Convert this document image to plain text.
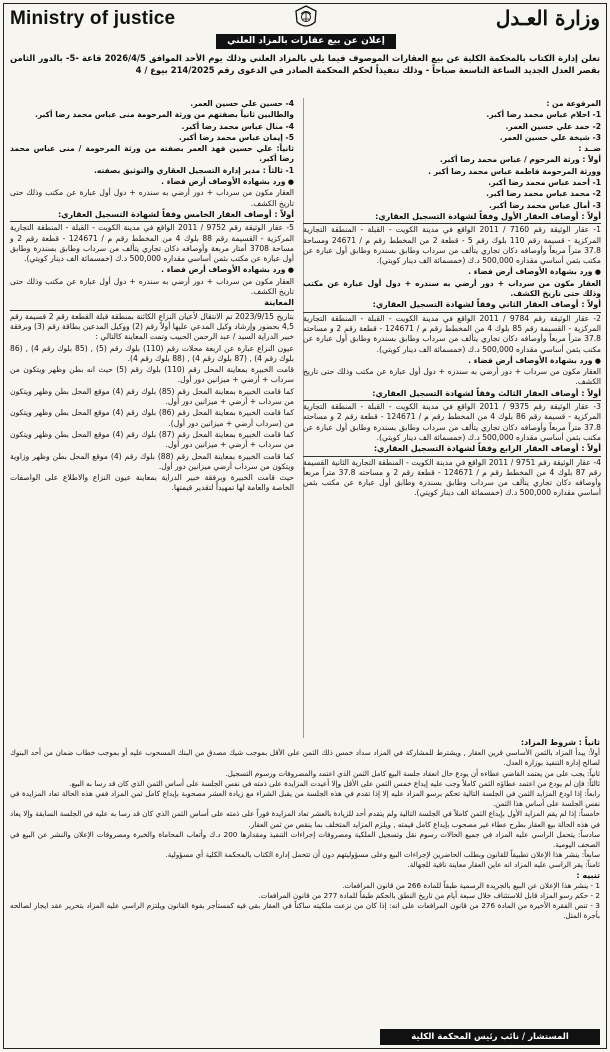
Ministry of justice	وزارة العـدل
إعلان عن بيع عقارات بالمزاد العلني
تعلن إدارة الكتاب بالمحكمة الكلية عن بيع العقارات الموصوف فيما يلي بالمزاد العلني وذلك يوم الأحد الموافق 2026/4/5 قاعة -5- بالدور الثامن بقصر العدل الجديد الساعة التاسعة صباحاً - وذلك تنفيذاً لحكم المحكمة الصادر في الدعوى رقم 214/2025 بيوع / 4

المرفوعة من :

1- احلام عباس محمد رضا أكبر.

2- حمد علي حسين العمر.

3- شيخة علي حسين العمر.

ضــد :

أولاً : ورثة المرحوم / عباس محمد رضا أكبر.

وورثة المرحومة فاطمة عباس محمد رضا أكبر .

1- أحمد عباس محمد رضا أكبر.

2- محمد عباس محمد رضا أكبر.

3- أمال عباس محمد رضا أكبر.

أولاً : أوصاف العقار الأول وفقاً لشهادة التسجيل العقاري:

1- عقار الوثيقة رقم 7160 / 2011 الواقع في مدينة الكويت - القبلة - المنطقة التجارية المركزية - قسيمة رقم 110 بلوك رقم 5 - قطعة 2 من المخطط رقم م / 24671 ومساحة 37.8 متراً مربعاً وأوصافه دكان تجاري يتألف من سرداب وطابق بسندرة وطابق أول عبارة عن مكتب بثمن أساسي مقداره 500,000 د.ك (خمسمائة الف دينار كويتي).

● ورد بشهادة الأوصاف أرض فضاء .

العقار مكون من سرداب + دور أرضي به سندره + دول أول عبارة عن مكتب وذلك حتى تاريخ الكشف.

أولاً : أوصاف العقار الثاني وفقاً لشهادة التسجيل العقاري:

2- عقار الوثيقة رقم 9784 / 2011 الواقع في مدينة الكويت - القبلة - المنطقة التجارية المركزية - القسيمة رقم 85 بلوك 4 من المخطط رقم م / 124671 - قطعة رقم 2 و مساحته 37.8 متراً مربعاً وأوصافه دكان تجاري يتألف من سرداب وطابق بسندرة وطابق أول عبارة عن مكتب بثمن أساسي مقداره 500,000 د.ك (خمسمائة الف دينار كويتي).

● ورد بشهادة الأوصاف أرض فضاء .

العقار مكون من سرداب + دور أرضي به سندره + دول أول عبارة عن مكتب وذلك حتى تاريخ الكشف.

أولاً : أوصاف العقار الثالث وفقاً لشهادة التسجيل العقاري:

3- عقار الوثيقة رقم 9375 / 2011 الواقع في مدينة الكويت - القبلة - المنطقة التجارية المركزية - قسيمة رقم 86 بلوك 4 من المخطط رقم م / 124671 - قطعة رقم 2 و مساحته 37.8 متراً مربعاً وأوصافه دكان تجاري يتألف من سرداب وطابق بسندرة وطابق أول عبارة عن مكتب بثمن أساسي مقداره 500,000 د.ك (خمسمائة الف دينار كويتي).

أولاً : أوصاف العقار الرابع وفقاً لشهادة التسجيل العقاري:

4- عقار الوثيقة رقم 9751 / 2011 الواقع في مدينة الكويت - المنطقة التجارية الثانية القسيمة رقم 87 بلوك 4 من المخطط رقم م / 124671 - قطعة رقم 2 و مساحته 37.8 متراً مربعاً وأوصافه دكان تجاري يتألف من سرداب وطابق بسندرة وطابق أول عبارة عن مكتب بثمن أساسي مقداره 500,000 د.ك (خمسمائة الف دينار كويتي).

4- حسين علي حسين العمر.

والطالبين ثانياً بصفتهم من ورثة المرحومة منى عباس محمد رضا أكبر.

4- منال عباس محمد رضا أكبر.

5- إيمان عباس محمد رضا أكبر.

ثانياً: علي حسين فهد العمر بصفته من ورثة المرحومة / منى عباس محمد رضا أكبر.

1- ثالثاً : مدير إدارة التسجيل العقاري والتوثيق بصفته.

● ورد بشهادة الأوصاف أرض فضاء .

العقار مكون من سرداب + دور أرضي به سندره + دول أول عبارة عن مكتب وذلك حتى تاريخ الكشف.

أولاً : أوصاف العقار الخامس وفقاً لشهادة التسجيل العقاري:

5- عقار الوثيقة رقم 9752 / 2011 الواقع في مدينة الكويت - القبلة - المنطقة التجارية المركزية - القسيمة رقم 88 بلوك 4 من المخطط رقم م / 124671 - قطعة رقم 2 و مساحة 3708 أمتار مربعة وأوصافه دكان تجاري يتألف من سرداب وطابق بسندرة وطابق أول عبارة عن مكتب بثمن أساسي مقداره 500,000 د.ك (خمسمائة الف دينار كويتي).

● ورد بشهادة الأوصاف أرض فضاء .

العقار مكون من سرداب + دور أرضي به سندره + دول أول عبارة عن مكتب وذلك حتى تاريخ الكشف.

المعاينة

بتاريخ 2023/9/15 تم الانتقال لأعيان النزاع الكائنة بمنطقة قبلة القطعة رقم 2 قسيمة رقم 4,5 بحضور وإرشاد وكيل المدعي عليها أولاً رقم (2) ووكيل المدعين بطاقة رقم (3) وبرفقة خبير الدراية السيد / عبد الرحمن الحبيب وتمت المعاينة كالتالي :

عيون النزاع عبارة عن اربعة محلات رقم (110) بلوك رقم (5) , (85 بلوك رقم 4) , (86 بلوك رقم 4) , (87 بلوك رقم 4) , (88 بلوك رقم 4).

قامت الخبيرة بمعاينة المحل رقم (110) بلوك رقم (5) حيث انه بطن وظهر ويتكون من سرداب + أرضي + ميزانين دور أول.

كما قامت الخبيرة بمعاينة المحل رقم (85) بلوك رقم (4) موقع المحل بطن وظهر ويتكون من سرداب + أرضي + ميزانين دور أول.

كما قامت الخبيرة بمعاينة المحل رقم (86) بلوك رقم (4) موقع المحل بطن وظهر ويتكون من (سرداب أرضي + ميزانين دور أول).

كما قامت الخبيرة بمعاينة المحل رقم (87) بلوك رقم (4) موقع المحل بطن وظهر ويتكون من سرداب + أرضي + ميزانين دور أول.

كما قامت الخبيرة بمعاينة المحل رقم (88) بلوك رقم (4) موقع المحل بطن وظهر وزاوية ويتكون من سرداب أرضي ميزانين دور أول.

حيث قامت الخبيرة وبرفقة خبير الدراية بمعاينة عيون النزاع والاطلاع على الواصفات الخاصة والعامة لها تمهيداً لتقدير قيمتها.

ثانياً : شروط المزاد:

أولاً: يبدأ المزاد بالثمن الأساسي قرين العقار , ويشترط للمشاركة في المزاد سداد خمس ذلك الثمن على الأقل بموجب شيك مصدق من البنك المسحوب عليه أو بموجب خطاب ضمان من أحد البنوك لصالح إدارة التنفيذ بوزارة العدل.

ثانياً: يجب على من يعتمد القاضي عطاءه أن يودع حال انعقاد جلسة البيع كامل الثمن الذي اعتمد والمصروفات ورسوم التسجيل.

ثالثاً: فإن لم يودع من اعتمد عطاؤه الثمن كاملاً وجب عليه إيداع خمس الثمن على الأقل وإلا أعيدت المزايدة على ذمته في نفس الجلسة على أساس الثمن الذي كان قد رسا به البيع.

رابعاً: إذا اودع المزايد الثمن في الجلسة التالية تحكم برسو المزاد عليه إلا إذا تقدم في هذه الجلسة من يقبل الشراء مع زيادة العشر مصحوبة بإيداع كامل ثمن المزاد ففي هذه الحالة تعاد المزايدة في نفس الجلسة على أساس هذا الثمن.

خامساً: إذا لم يقم المزايد الأول بإيداع الثمن كاملاً في الجلسة التالية ولم يتقدم أحد للزيادة بالعشر تعاد المزايدة فوراً على ذمته على أساس الثمن الذي كان قد رسا به عليه في الجلسة السابقة وإلا يعاد في هذه الحالة بيع العقار بطرح عطاء غير مصحوب بإيداع كامل قيمته , ويلزم المزايد المتخلف بما ينقص من ثمن العقار.

سادساً: يتحمل الراسي عليه المزاد في جميع الحالات رسوم نقل وتسجيل الملكية ومصروفات إجراءات التنفيذ ومقدارها 200 د.ك وأتعاب المحاماة والخبرة ومصروفات الإعلان والنشر عن البيع في الصحف اليومية.

سابعاً: ينشر هذا الإعلان تطبيقاً للقانون وبطلب الحاضرين لإجراءات البيع وعلى مسؤوليتهم دون أن تتحمل إدارة الكتاب بالمحكمة الكلية أي مسؤولية.

ثامناً: يقر الراسي عليه المزاد انه عاين العقار معاينة نافية للجهالة.

تنبيه :

1 - ينشر هذا الإعلان عن البيع بالجريدة الرسمية طبقاً للمادة 266 من قانون المرافعات.

2 - حكم رسو المزاد قابل للاستئناف خلال سبعة أيام من تاريخ النطق بالحكم طبقاً للمادة 277 من قانون المرافعات.

3 - تنص الفقرة الأخيرة من المادة 276 من قانون المرافعات على انه: إذا كان من نزعت ملكيته ساكناً في العقار بقي فيه كمستأجر بقوة القانون ويلتزم الراسي عليه المزاد بتحرير عقد ايجار لصالحه بأجرة المثل.

المستشار / نائب رئيس المحكمة الكلية
